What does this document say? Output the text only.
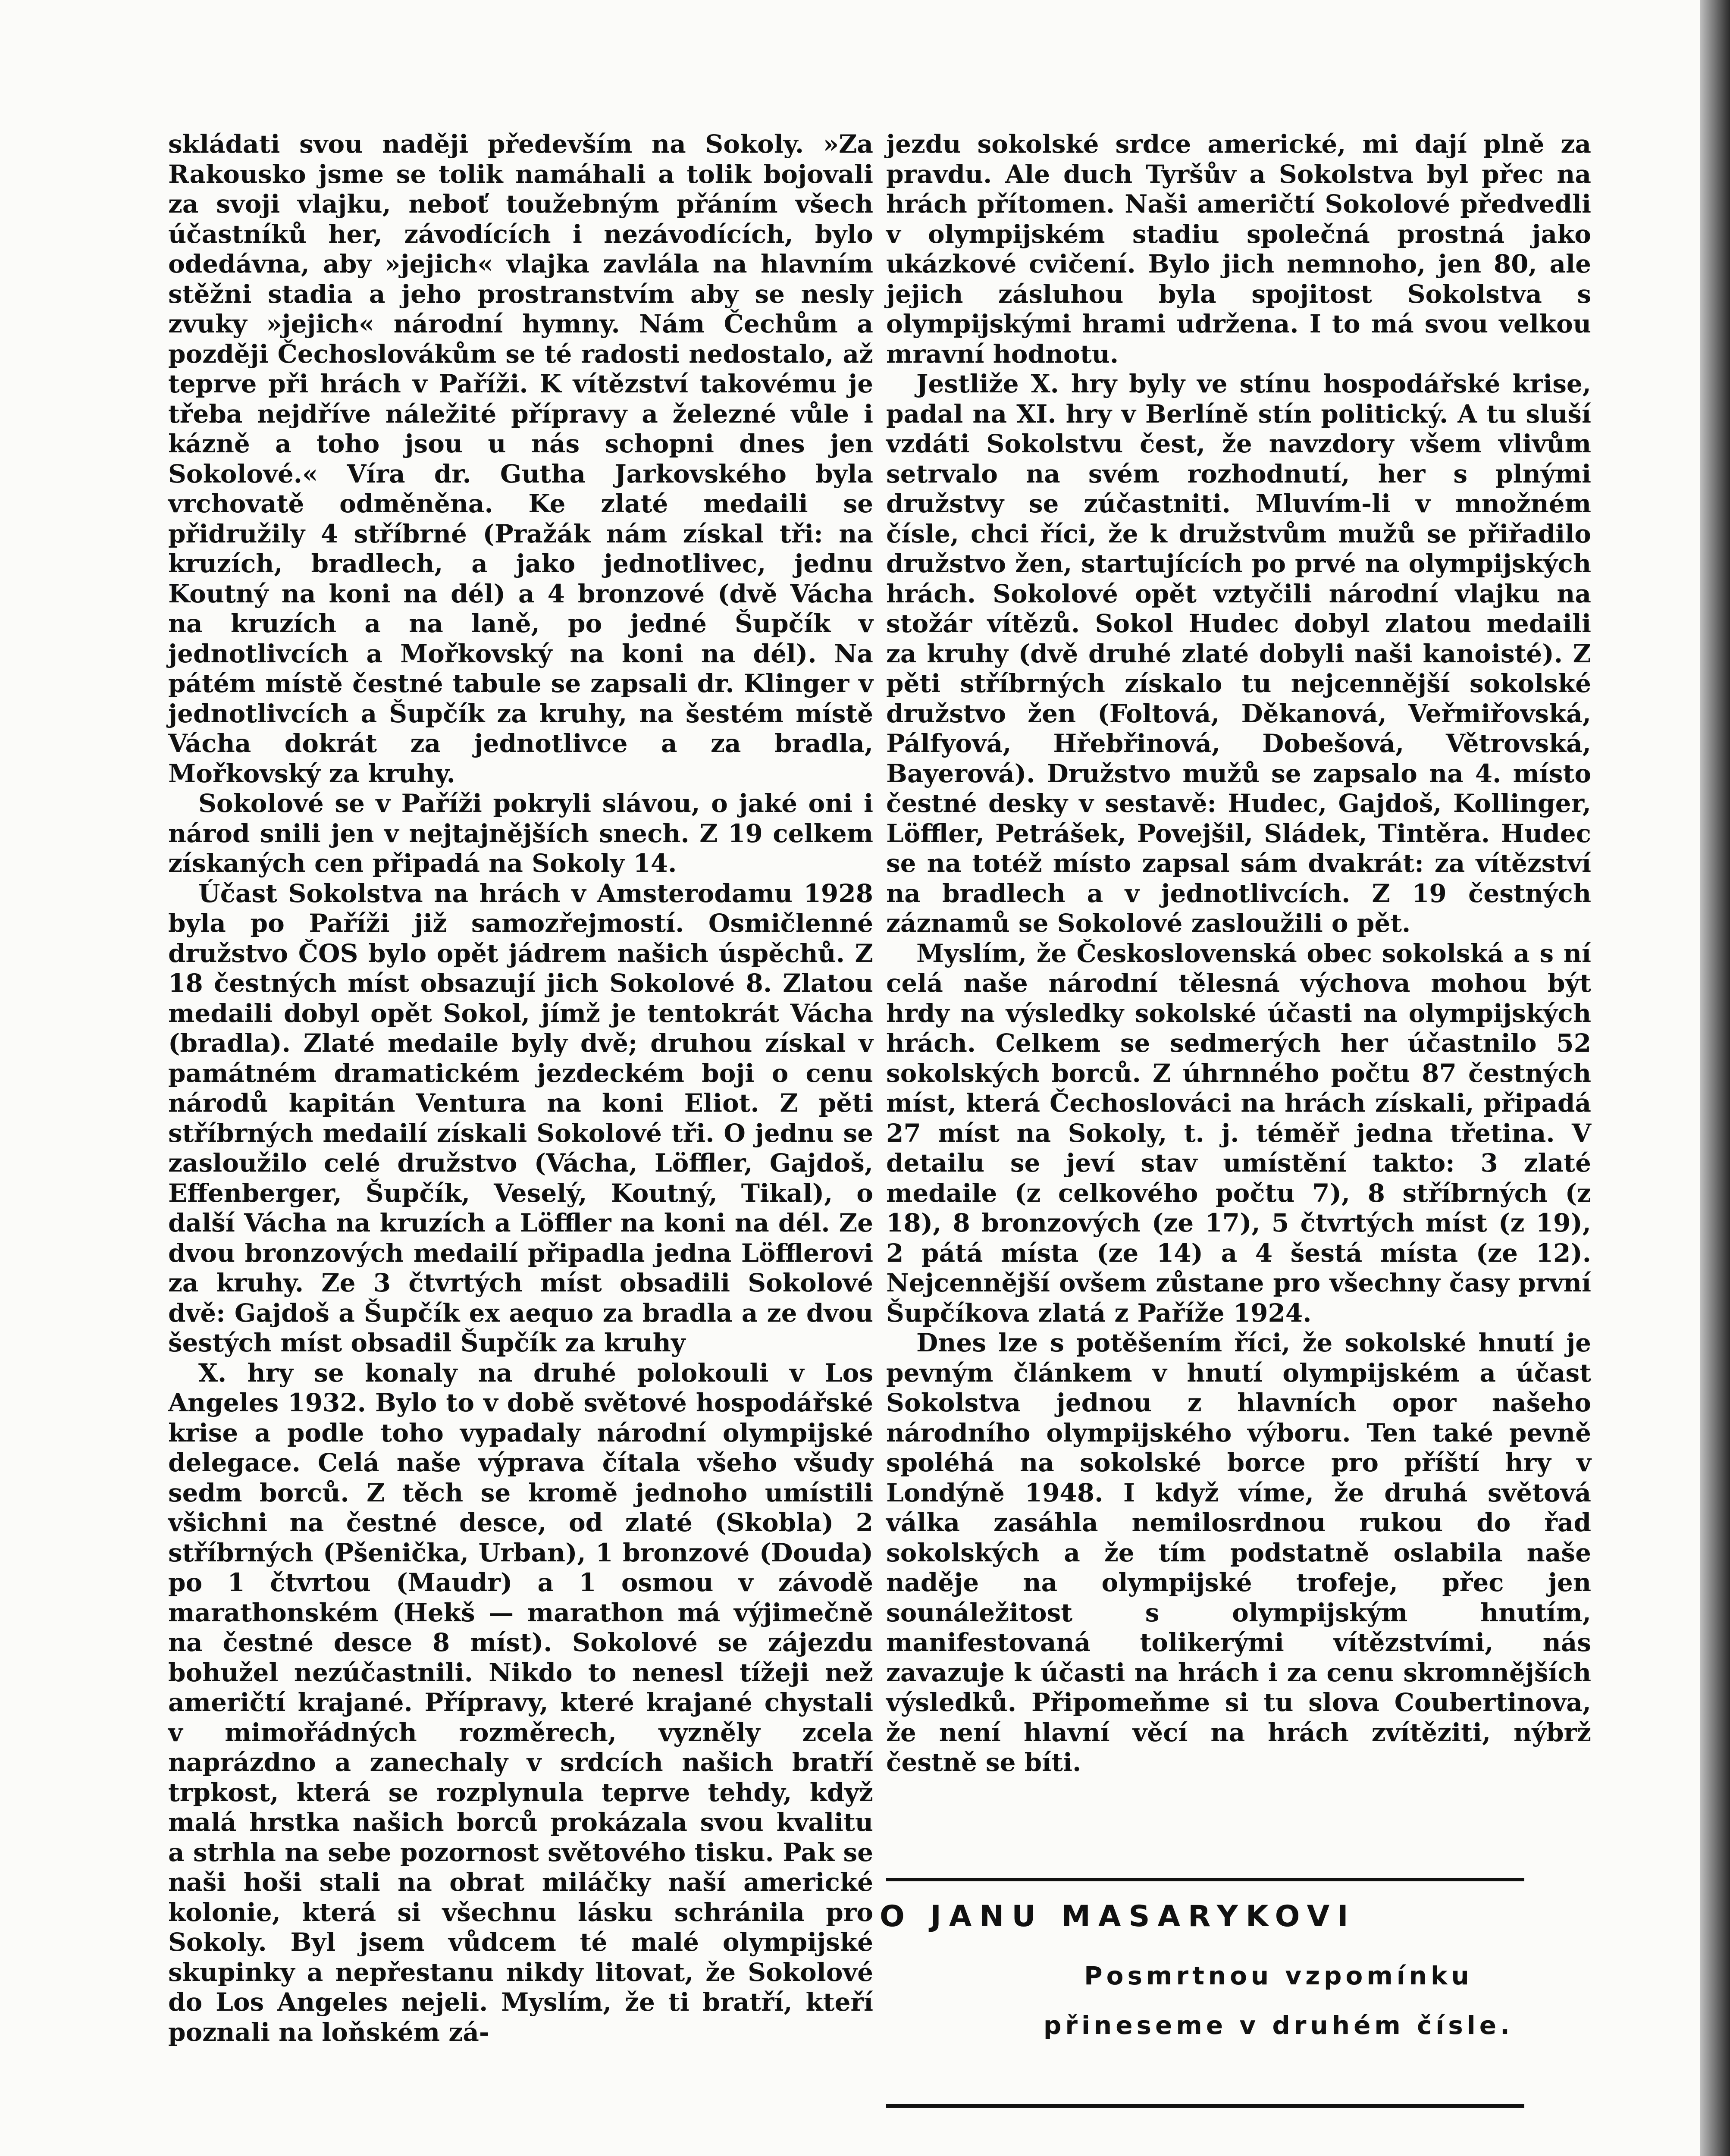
skládati svou naději především na Sokoly. »Za Rakousko jsme se tolik namáhali a tolik bojovali za svoji vlajku, neboť toužebným přáním všech účastníků her, závodících i nezávodících, bylo odedávna, aby »jejich« vlajka zavlála na hlavním stěžni stadia a jeho prostranstvím aby se nesly zvuky »jejich« národní hymny. Nám Čechům a později Čechoslovákům se té radosti nedostalo, až teprve při hrách v Paříži. K vítězství takovému je třeba nejdříve náležité přípravy a železné vůle i kázně a toho jsou u nás schopni dnes jen Sokolové.« Víra dr. Gutha Jarkovského byla vrchovatě odměněna. Ke zlaté medaili se přidružily 4 stříbrné (Pražák nám získal tři: na kruzích, bradlech, a jako jednotlivec, jednu Koutný na koni na dél) a 4 bronzové (dvě Vácha na kruzích a na laně, po jedné Šupčík v jednotlivcích a Mořkovský na koni na dél). Na pátém místě čestné tabule se zapsali dr. Klinger v jednotlivcích a Šupčík za kruhy, na šestém místě Vácha dokrát za jednotlivce a za bradla, Mořkovský za kruhy.

Sokolové se v Paříži pokryli slávou, o jaké oni i národ snili jen v nejtajnějších snech. Z 19 celkem získaných cen připadá na Sokoly 14.

Účast Sokolstva na hrách v Amsterodamu 1928 byla po Paříži již samozřejmostí. Osmičlenné družstvo ČOS bylo opět jádrem našich úspěchů. Z 18 čestných míst obsazují jich Sokolové 8. Zlatou medaili dobyl opět Sokol, jímž je tentokrát Vácha (bradla). Zlaté medaile byly dvě; druhou získal v památném dramatickém jezdeckém boji o cenu národů kapitán Ventura na koni Eliot. Z pěti stříbrných medailí získali Sokolové tři. O jednu se zasloužilo celé družstvo (Vácha, Löffler, Gajdoš, Effenberger, Šupčík, Veselý, Koutný, Tikal), o další Vácha na kruzích a Löffler na koni na dél. Ze dvou bronzových medailí připadla jedna Löfflerovi za kruhy. Ze 3 čtvrtých míst obsadili Sokolové dvě: Gajdoš a Šupčík ex aequo za bradla a ze dvou šestých míst obsadil Šupčík za kruhy

X. hry se konaly na druhé polokouli v Los Angeles 1932. Bylo to v době světové hospodářské krise a podle toho vypadaly národní olympijské delegace. Celá naše výprava čítala všeho všudy sedm borců. Z těch se kromě jednoho umístili všichni na čestné desce, od zlaté (Skobla) 2 stříbrných (Pšenička, Urban), 1 bronzové (Douda) po 1 čtvrtou (Maudr) a 1 osmou v závodě marathonském (Hekš — marathon má výjimečně na čestné desce 8 míst). Sokolové se zájezdu bohužel nezúčastnili. Nikdo to nenesl tížeji než američtí krajané. Přípravy, které krajané chystali v mimořádných rozměrech, vyzněly zcela naprázdno a zanechaly v srdcích našich bratří trpkost, která se rozplynula teprve tehdy, když malá hrstka našich borců prokázala svou kvalitu a strhla na sebe pozornost světového tisku. Pak se naši hoši stali na obrat miláčky naší americké kolonie, která si všechnu lásku schránila pro Sokoly. Byl jsem vůdcem té malé olympijské skupinky a nepřestanu nikdy litovat, že Sokolové do Los Angeles nejeli. Myslím, že ti bratří, kteří poznali na loňském zá-

jezdu sokolské srdce americké, mi dají plně za pravdu. Ale duch Tyršův a Sokolstva byl přec na hrách přítomen. Naši američtí Sokolové předvedli v olympijském stadiu společná prostná jako ukázkové cvičení. Bylo jich nemnoho, jen 80, ale jejich zásluhou byla spojitost Sokolstva s olympijskými hrami udržena. I to má svou velkou mravní hodnotu.

Jestliže X. hry byly ve stínu hospodářské krise, padal na XI. hry v Berlíně stín politický. A tu sluší vzdáti Sokolstvu čest, že navzdory všem vlivům setrvalo na svém rozhodnutí, her s plnými družstvy se zúčastniti. Mluvím-li v množném čísle, chci říci, že k družstvům mužů se přiřadilo družstvo žen, startujících po prvé na olympijských hrách. Sokolové opět vztyčili národní vlajku na stožár vítězů. Sokol Hudec dobyl zlatou medaili za kruhy (dvě druhé zlaté dobyli naši kanoisté). Z pěti stříbrných získalo tu nejcennější sokolské družstvo žen (Foltová, Děkanová, Veřmiřovská, Pálfyová, Hřebřinová, Dobešová, Větrovská, Bayerová). Družstvo mužů se zapsalo na 4. místo čestné desky v sestavě: Hudec, Gajdoš, Kollinger, Löffler, Petrášek, Povejšil, Sládek, Tintěra. Hudec se na totéž místo zapsal sám dvakrát: za vítězství na bradlech a v jednotlivcích. Z 19 čestných záznamů se Sokolové zasloužili o pět.

Myslím, že Československá obec sokolská a s ní celá naše národní tělesná výchova mohou být hrdy na výsledky sokolské účasti na olympijských hrách. Celkem se sedmerých her účastnilo 52 sokolských borců. Z úhrnného počtu 87 čestných míst, která Čechoslováci na hrách získali, připadá 27 míst na Sokoly, t. j. téměř jedna třetina. V detailu se jeví stav umístění takto: 3 zlaté medaile (z celkového počtu 7), 8 stříbrných (z 18), 8 bronzových (ze 17), 5 čtvrtých míst (z 19), 2 pátá místa (ze 14) a 4 šestá místa (ze 12). Nejcennější ovšem zůstane pro všechny časy první Šupčíkova zlatá z Paříže 1924.

Dnes lze s potěšením říci, že sokolské hnutí je pevným článkem v hnutí olympijském a účast Sokolstva jednou z hlavních opor našeho národního olympijského výboru. Ten také pevně spoléhá na sokolské borce pro příští hry v Londýně 1948. I když víme, že druhá světová válka zasáhla nemilosrdnou rukou do řad sokolských a že tím podstatně oslabila naše naděje na olympijské trofeje, přec jen sounáležitost s olympijským hnutím, manifestovaná tolikerými vítězstvími, nás zavazuje k účasti na hrách i za cenu skromnějších výsledků. Připomeňme si tu slova Coubertinova, že není hlavní věcí na hrách zvítěziti, nýbrž čestně se bíti.

O JANU MASARYKOVI
Posmrtnou vzpomínku přineseme v druhém čísle.
